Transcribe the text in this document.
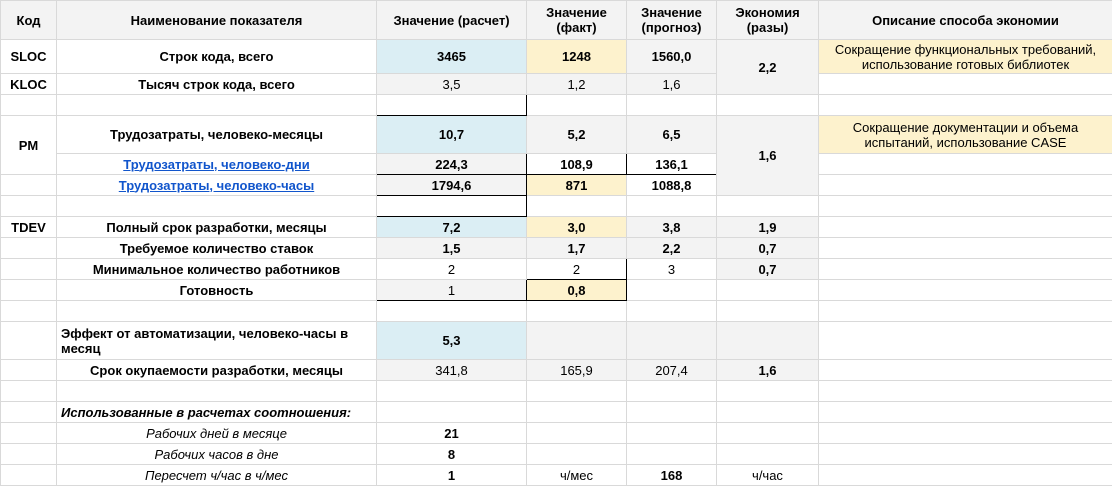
Код	Наименование показателя	Значение (расчет)	Значение (факт)	Значение (прогноз)	Экономия (разы)	Описание способа экономии
SLOC	Строк кода, всего	3465	1248	1560,0	2,2	Сокращение функциональных требований, использование готовых библиотек
KLOC	Тысяч строк кода, всего	3,5	1,2	1,6		

PM	Трудозатраты, человеко-месяцы	10,7	5,2	6,5	1,6	Сокращение документации и объема испытаний, использование CASE
	Трудозатраты, человеко-дни	224,3	108,9	136,1		
	Трудозатраты, человеко-часы	1794,6	871	1088,8		

TDEV	Полный срок разработки, месяцы	7,2	3,0	3,8	1,9	
	Требуемое количество ставок	1,5	1,7	2,2	0,7	
	Минимальное количество работников	2	2	3	0,7	
	Готовность	1	0,8			

	Эффект от автоматизации, человеко-часы в месяц	5,3				
	Срок окупаемости разработки, месяцы	341,8	165,9	207,4	1,6	

	Использованные в расчетах соотношения:					
	Рабочих дней в месяце	21				
	Рабочих часов в дне	8				
	Пересчет ч/час в ч/мес	1	ч/мес	168	ч/час	
